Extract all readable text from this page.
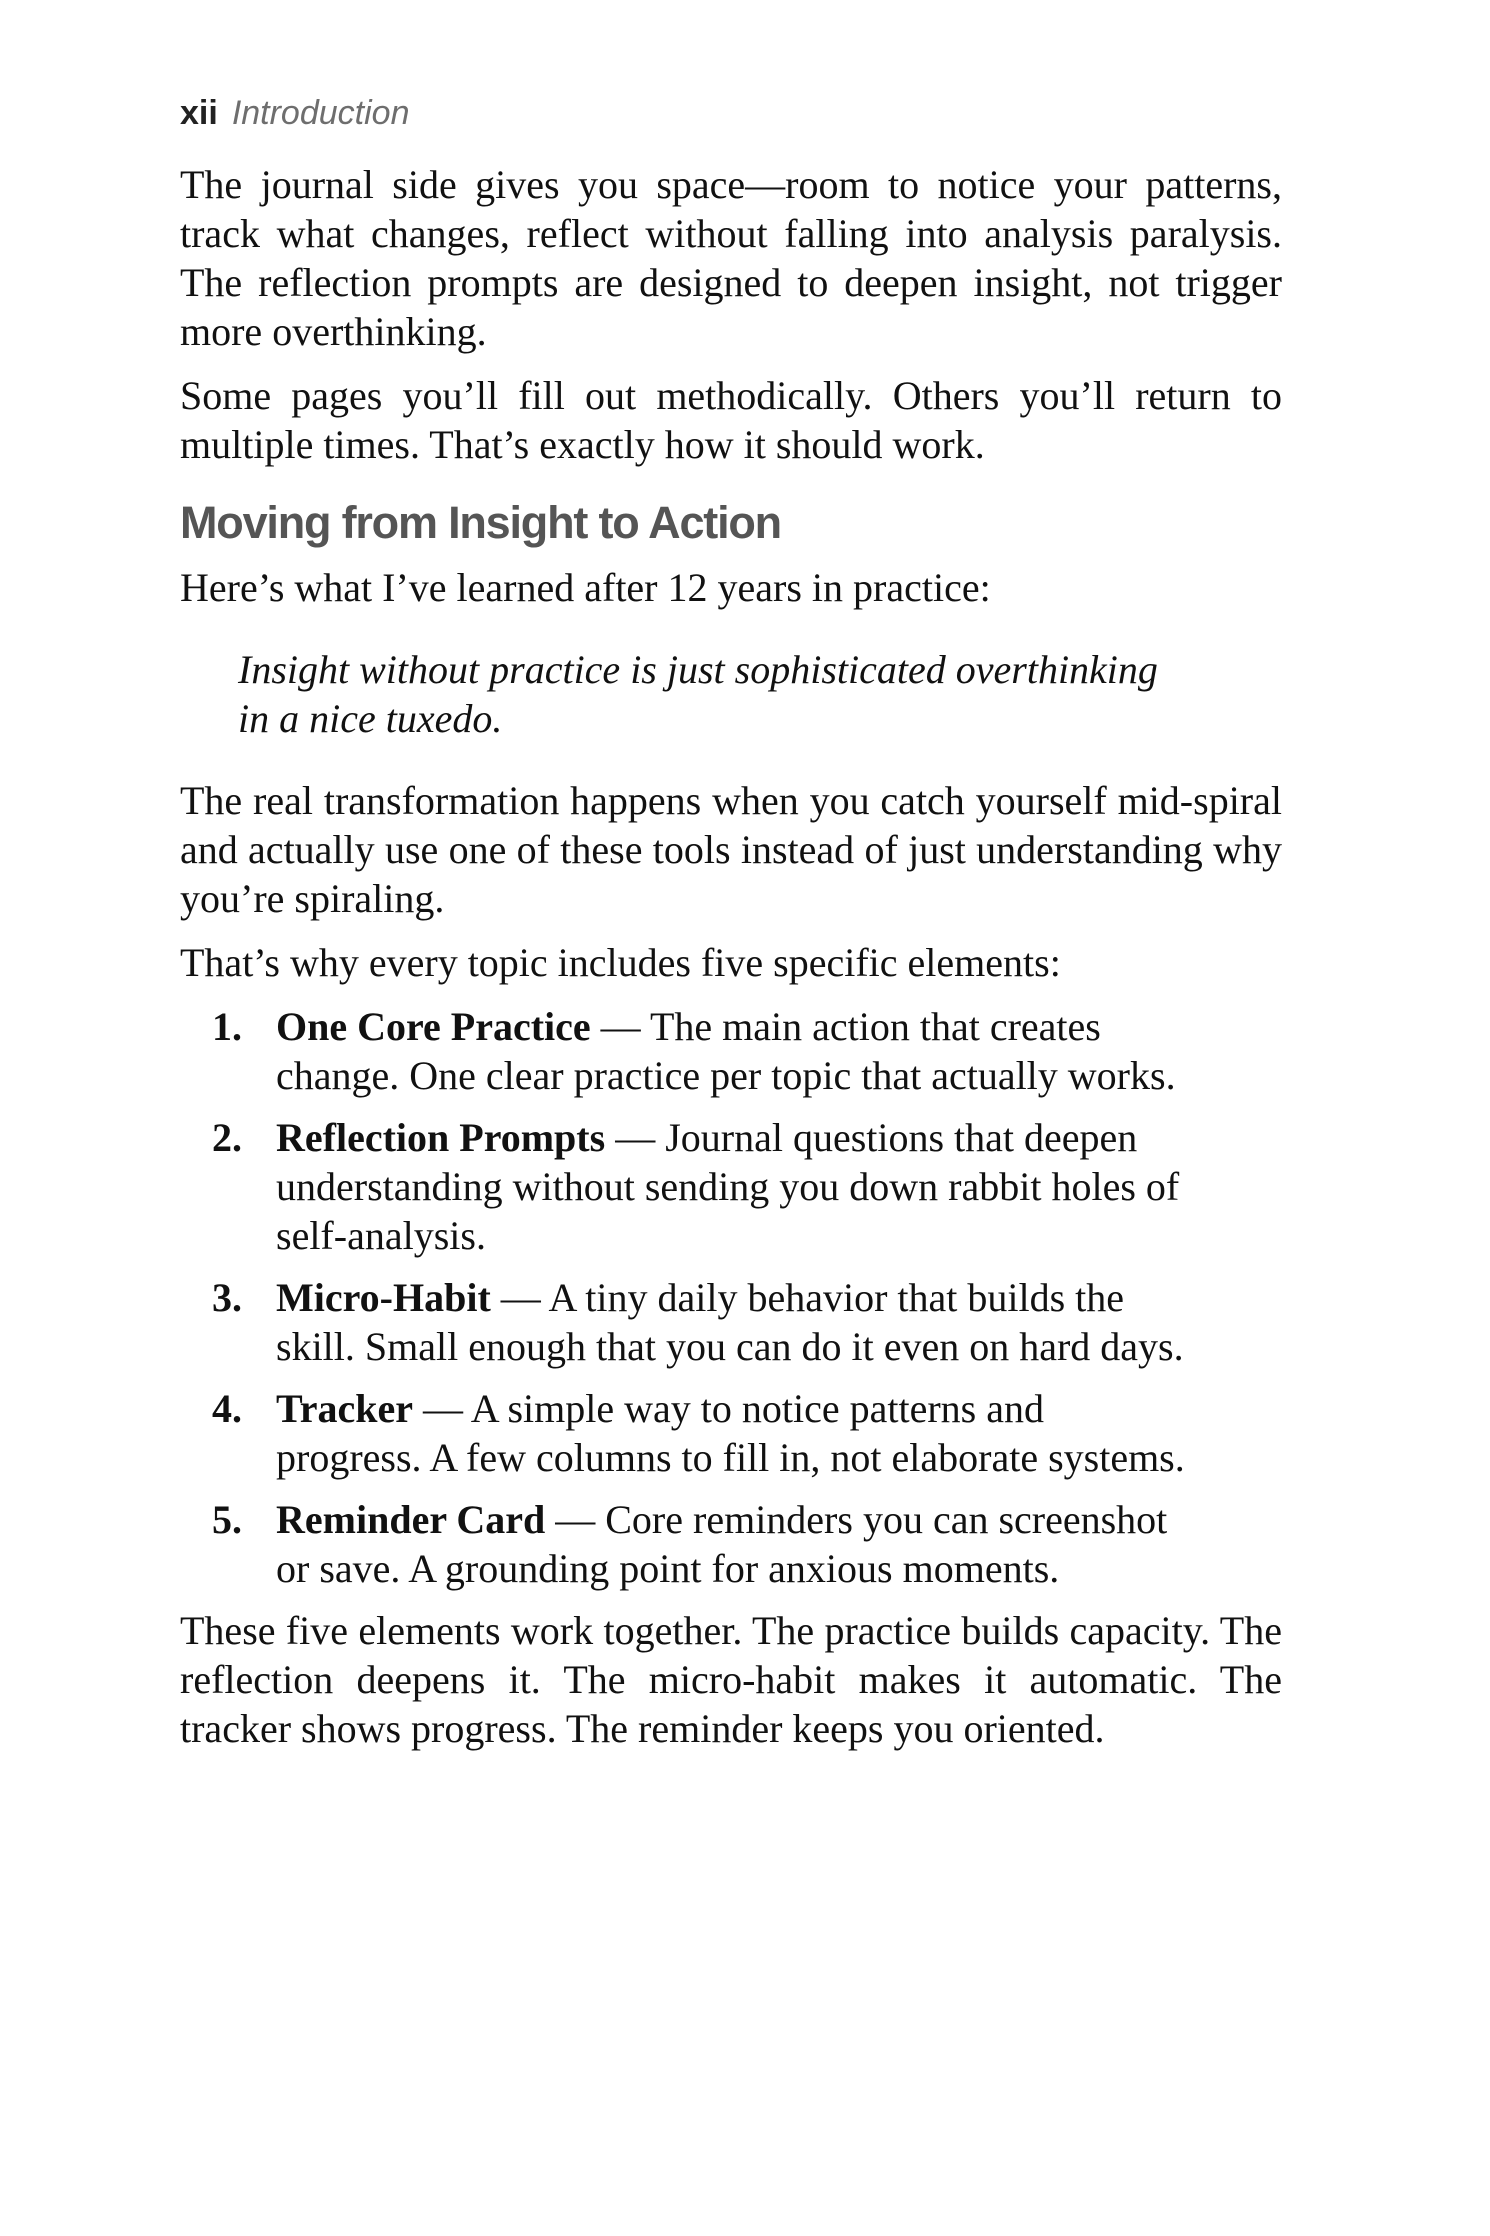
xii Introduction

The journal side gives you space—room to notice your patterns, track what changes, reflect without falling into analysis paralysis. The reflection prompts are designed to deepen insight, not trigger more overthinking.

Some pages you’ll fill out methodically. Others you’ll return to multiple times. That’s exactly how it should work.

Moving from Insight to Action

Here’s what I’ve learned after 12 years in practice:

Insight without practice is just sophisticated overthinking in a nice tuxedo.

The real transformation happens when you catch yourself mid-spiral and actually use one of these tools instead of just understanding why you’re spiraling.

That’s why every topic includes five specific elements:

1. One Core Practice — The main action that creates change. One clear practice per topic that actually works.
2. Reflection Prompts — Journal questions that deepen understanding without sending you down rabbit holes of self-analysis.
3. Micro-Habit — A tiny daily behavior that builds the skill. Small enough that you can do it even on hard days.
4. Tracker — A simple way to notice patterns and progress. A few columns to fill in, not elaborate systems.
5. Reminder Card — Core reminders you can screenshot or save. A grounding point for anxious moments.

These five elements work together. The practice builds capacity. The reflection deepens it. The micro-habit makes it automatic. The tracker shows progress. The reminder keeps you oriented.
